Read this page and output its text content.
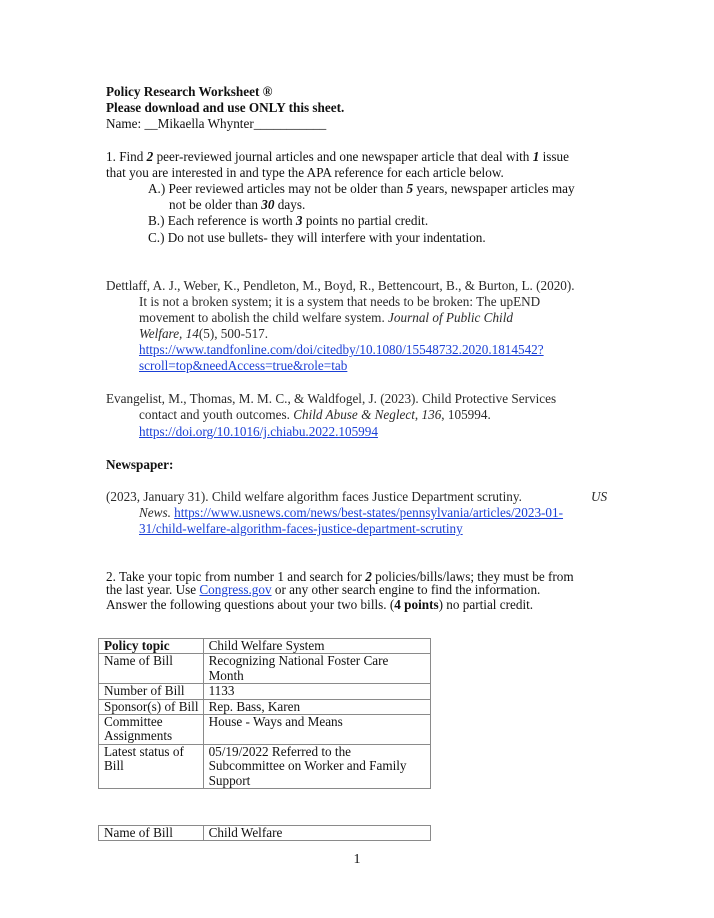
Policy Research Worksheet ®
Please download and use ONLY this sheet.
Name: __Mikaella Whynter___________
1. Find 2 peer-reviewed journal articles and one newspaper article that deal with 1 issue
that you are interested in and type the APA reference for each article below.
A.) Peer reviewed articles may not be older than 5 years, newspaper articles may
not be older than 30 days.
B.) Each reference is worth 3 points no partial credit.
C.) Do not use bullets- they will interfere with your indentation.
Dettlaff, A. J., Weber, K., Pendleton, M., Boyd, R., Bettencourt, B., & Burton, L. (2020).
It is not a broken system; it is a system that needs to be broken: The upEND
movement to abolish the child welfare system. Journal of Public Child
Welfare, 14(5), 500-517.
https://www.tandfonline.com/doi/citedby/10.1080/15548732.2020.1814542?
scroll=top&needAccess=true&role=tab
Evangelist, M., Thomas, M. M. C., & Waldfogel, J. (2023). Child Protective Services
contact and youth outcomes. Child Abuse & Neglect, 136, 105994.
https://doi.org/10.1016/j.chiabu.2022.105994
Newspaper:
(2023, January 31). Child welfare algorithm faces Justice Department scrutiny.	US
News. https://www.usnews.com/news/best-states/pennsylvania/articles/2023-01-
31/child-welfare-algorithm-faces-justice-department-scrutiny
2. Take your topic from number 1 and search for 2 policies/bills/laws; they must be from
the last year. Use Congress.gov or any other search engine to find the information.
Answer the following questions about your two bills. (4 points) no partial credit.
Policy topic	Child Welfare System
Name of Bill	Recognizing National Foster Care Month
Number of Bill	1133
Sponsor(s) of Bill	Rep. Bass, Karen
Committee Assignments	House - Ways and Means
Latest status of Bill	05/19/2022 Referred to the Subcommittee on Worker and Family Support
Name of Bill	Child Welfare
1
